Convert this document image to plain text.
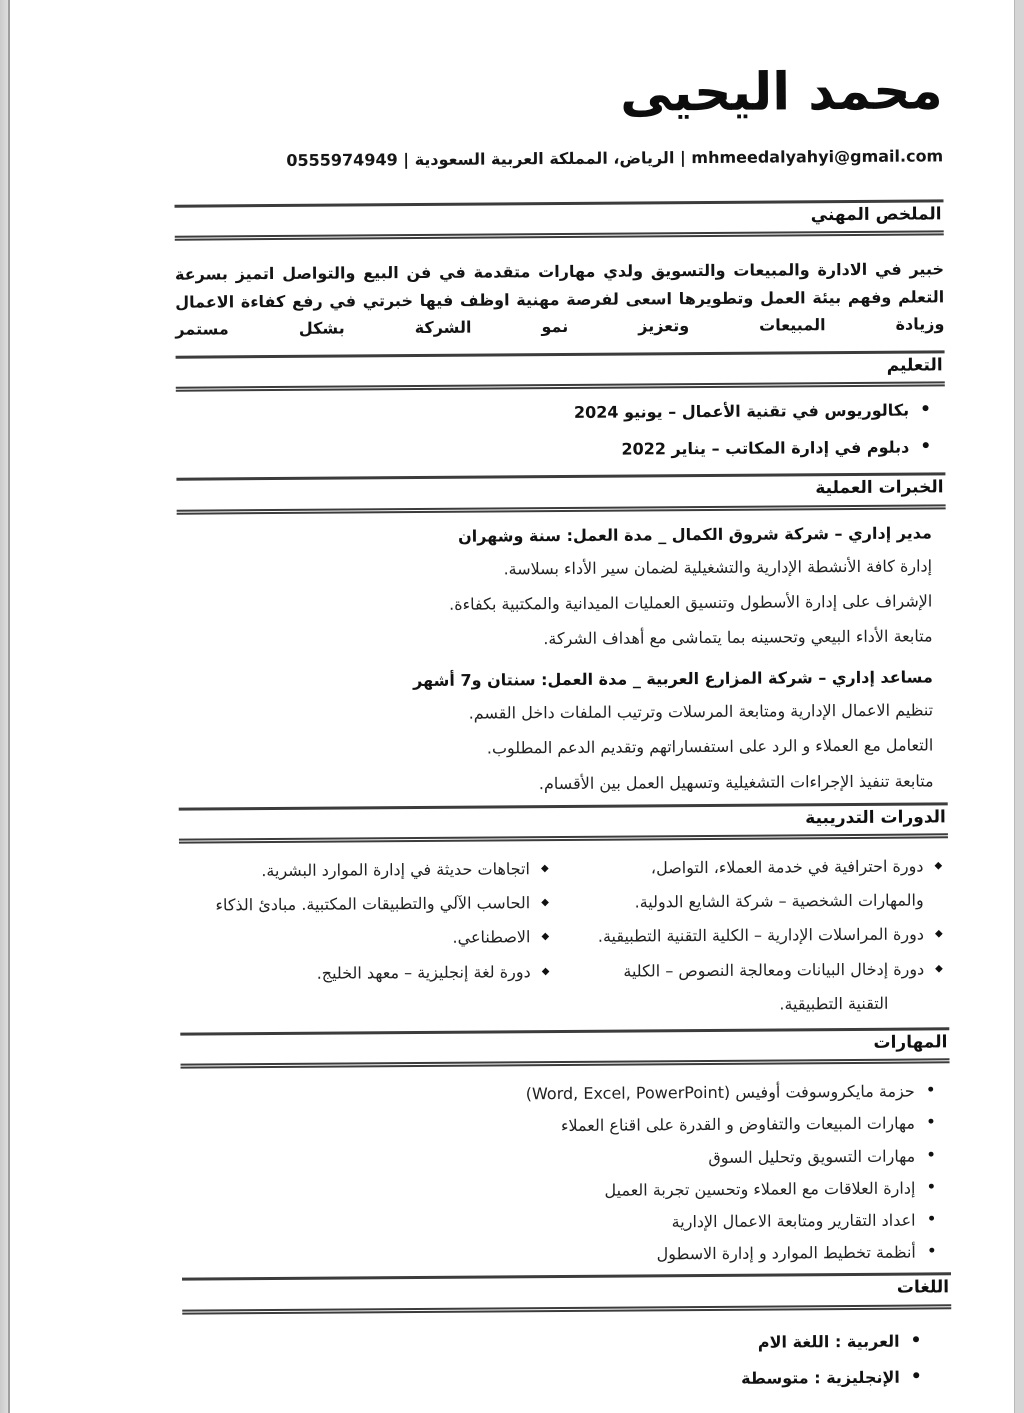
محمد اليحيى
mhmeedalyahyi@gmail.com | الرياض، المملكة العربية السعودية | 0555974949
الملخص المهني

خبير في الادارة والمبيعات والتسويق ولدي مهارات متقدمة في فن البيع والتواصل اتميز بسرعة التعلم وفهم بيئة العمل وتطويرها اسعى لفرصة مهنية اوظف فيها خبرتي في رفع كفاءة الاعمال وزيادة المبيعات وتعزيز نمو الشركة بشكل مستمر

التعليم
•
بكالوريوس في تقنية الأعمال – يونيو 2024
•
دبلوم في إدارة المكاتب – يناير 2022
الخبرات العملية
مدير إداري – شركة شروق الكمال _ مدة العمل: سنة وشهران
إدارة كافة الأنشطة الإدارية والتشغيلية لضمان سير الأداء بسلاسة.
الإشراف على إدارة الأسطول وتنسيق العمليات الميدانية والمكتبية بكفاءة.
متابعة الأداء البيعي وتحسينه بما يتماشى مع أهداف الشركة.
مساعد إداري – شركة المزارع العربية _ مدة العمل: سنتان و7 أشهر
تنظيم الاعمال الإدارية ومتابعة المرسلات وترتيب الملفات داخل القسم.
التعامل مع العملاء و الرد على استفساراتهم وتقديم الدعم المطلوب.
متابعة تنفيذ الإجراءات التشغيلية وتسهيل العمل بين الأقسام.
الدورات التدريبية
◆
دورة احترافية في خدمة العملاء، التواصل،
والمهارات الشخصية – شركة الشايع الدولية.
◆
دورة المراسلات الإدارية – الكلية التقنية التطبيقية.
◆
دورة إدخال البيانات ومعالجة النصوص – الكلية
التقنية التطبيقية.
◆
اتجاهات حديثة في إدارة الموارد البشرية.
◆
الحاسب الآلي والتطبيقات المكتبية. مبادئ الذكاء
◆
الاصطناعي.
◆
دورة لغة إنجليزية – معهد الخليج.
المهارات
•
حزمة مايكروسوفت أوفيس (Word, Excel, PowerPoint)
•
مهارات المبيعات والتفاوض و القدرة على اقناع العملاء
•
مهارات التسويق وتحليل السوق
•
إدارة العلاقات مع العملاء وتحسين تجربة العميل
•
اعداد التقارير ومتابعة الاعمال الإدارية
•
أنظمة تخطيط الموارد و إدارة الاسطول
اللغات
•
العربية : اللغة الام
•
الإنجليزية : متوسطة
